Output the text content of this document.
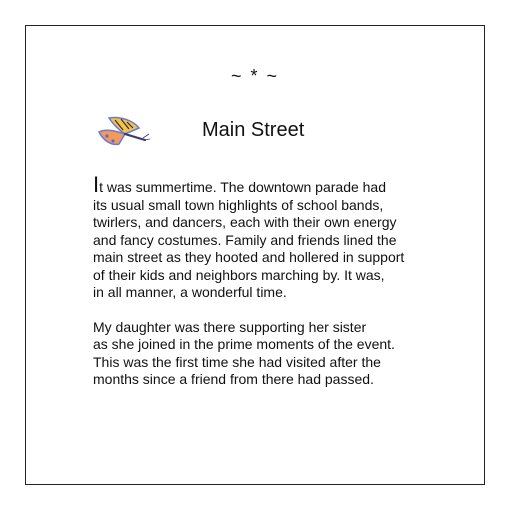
~ * ~
Main Street

It was summertime. The downtown parade had
its usual small town highlights of school bands,
twirlers, and dancers, each with their own energy
and fancy costumes. Family and friends lined the
main street as they hooted and hollered in support
of their kids and neighbors marching by. It was,
in all manner, a wonderful time.

My daughter was there supporting her sister
as she joined in the prime moments of the event.
This was the first time she had visited after the
months since a friend from there had passed.
